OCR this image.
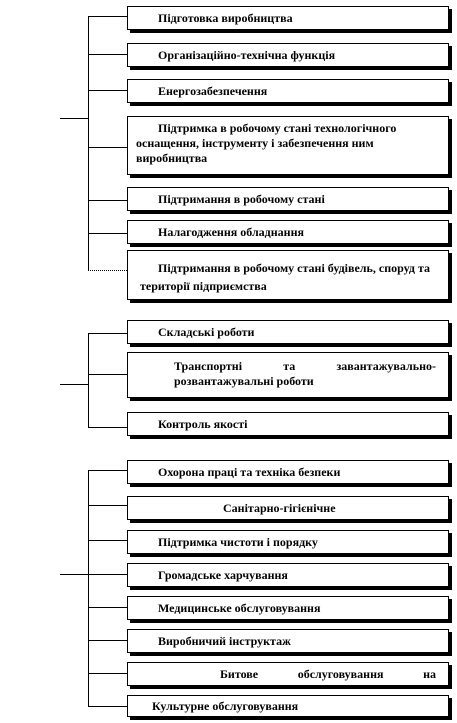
Підготовка виробництва
Організаційно-технічна функція
Енергозабезпечення
Підтримка в робочому стані технологічного оснащення, інструменту і забезпечення ним виробництва
Підтримання в робочому стані
Налагодження обладнання
Підтримання в робочому стані будівель, споруд та території підприємства
Складські роботи
Транспортні та завантажувально-розвантажувальні роботи
Контроль якості
Охорона праці та техніка безпеки
Санітарно-гігієнічне
Підтримка чистоти і порядку
Громадське харчування
Медицинське обслуговування
Виробничий інструктаж
Битове обслуговування на
Культурне обслуговування
